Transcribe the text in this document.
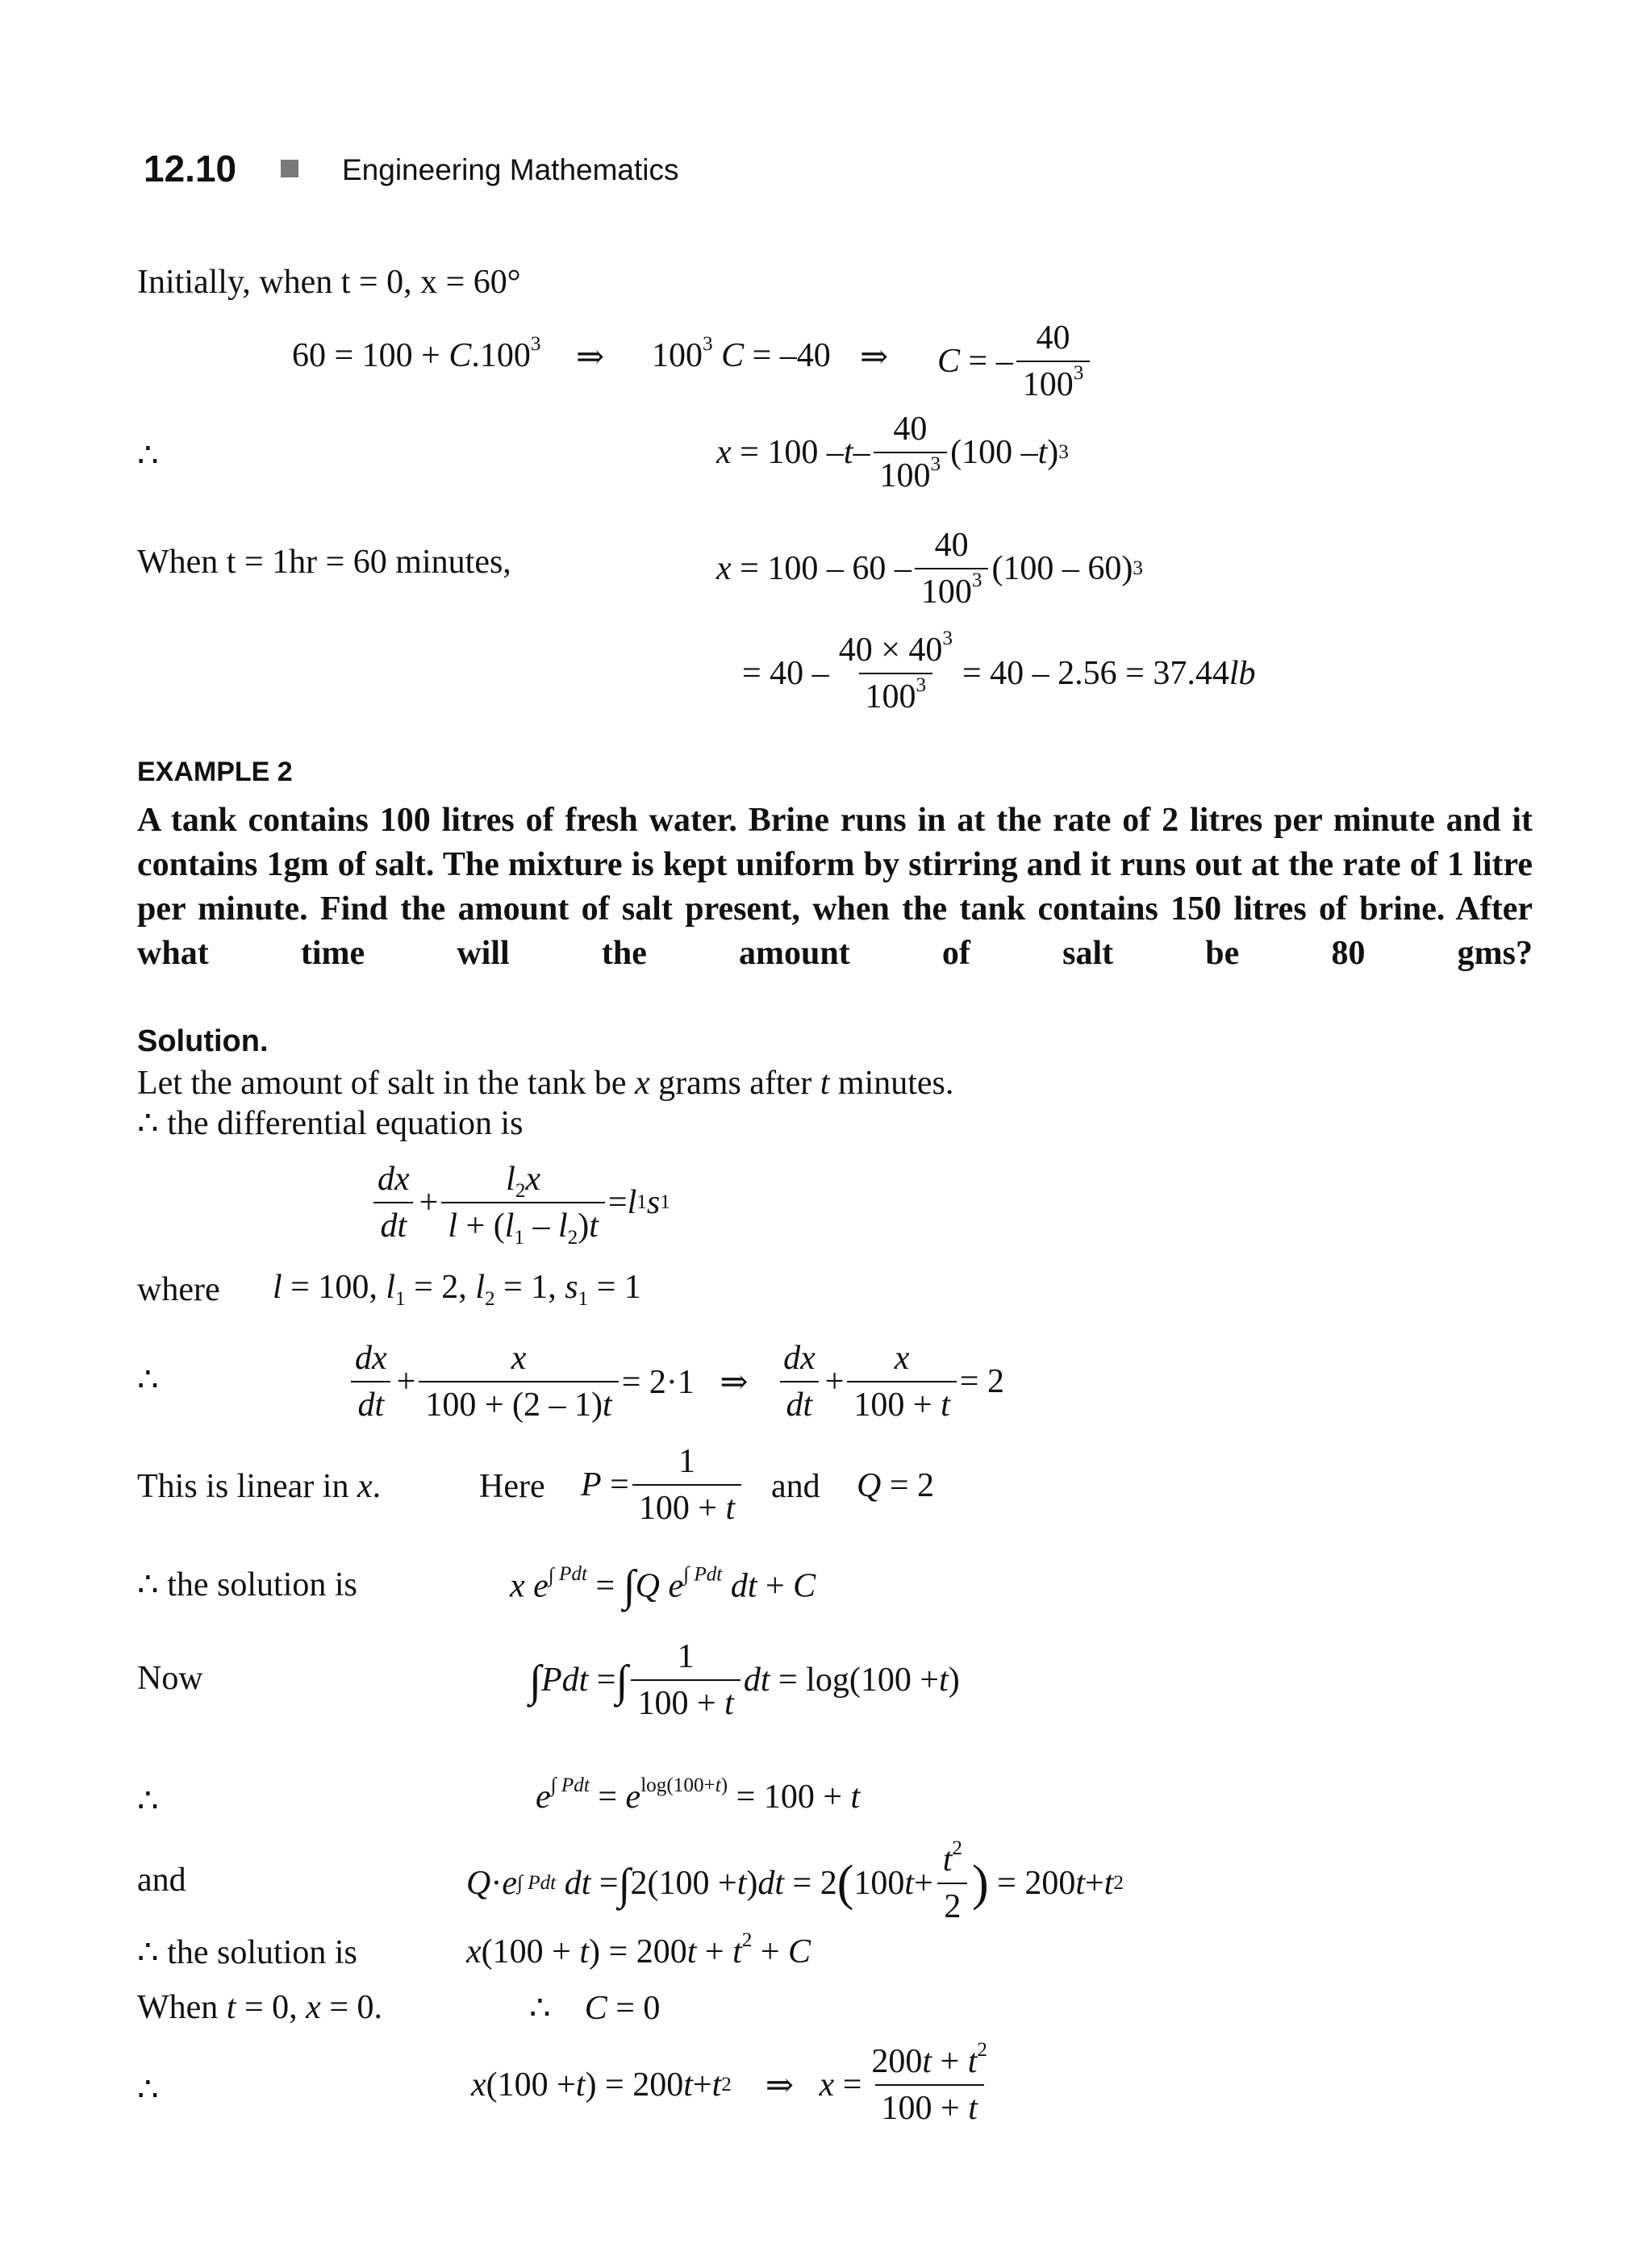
12.10	Engineering Mathematics
Initially, when t = 0, x = 60°
$60 = 100 + C.100^3$ ⇒ $100^3$ C = –40 ⇒ C = – $\frac{40}{100^3}$
∴	$x = 100 - t - \frac{40}{100^3} (100 - t$ ) 3
When t = 1hr = 60 minutes,	$x = 100 - 60 - \frac{40}{100^3} (100 - 60)$ 3
= $40 - \frac{40 \times 40^3}{100^3} = 40 - 2.56 = 37.44$ lb
EXAMPLE 2
A tank contains 100 litres of fresh water. Brine runs in at the rate of 2 litres per minute and it contains 1gm of salt. The mixture is kept uniform by stirring and it runs out at the rate of 1 litre per minute. Find the amount of salt present, when the tank contains 150 litres of brine. After what time will the amount of salt be 80 gms?
Solution.
Let the amount of salt in the tank be x grams after t minutes.
∴ the differential equation is
$\frac{dx}{dt} + \frac{l_2x}{l + (l_1 - l_2)t} = l$ 1 s 1
where l = 100, $l_1 = 2$, $l_2 = 1$, $s_1 = 1$
∴	$\frac{dx}{dt} + \frac{x}{100 + (2 - 1)t} = 2\cdot 1$   ⇒ $\frac{dx}{dt} + \frac{x}{100 + t} = 2$
This is linear in x.	Here $P = \frac{1}{100 + t}$ and Q = 2
∴ the solution is	x $e^{\int Pdt} = \int Q$ $e^{\int Pdt}$ dt + C
Now	∫ Pdt = ∫ $\frac{1}{100 + t}$ dt = log(100 + t )
∴	$e^{\int Pdt} = e^{log(100+t)} = 100 + t$
and	Q · e ∫ Pdt
dt = ∫ 2(100 + t ) dt = 2 ( 100 $t + \frac{t^2}{2}$ ) = 200 t + t 2
∴ the solution is	$x(100 + t) = 200t + t^2 + C$
When t = 0, x = 0.	∴    C = 0
∴	x (100 + t ) = 200 t + t 2 ⇒ $x = \frac{200t + t^2}{100 + t}$
